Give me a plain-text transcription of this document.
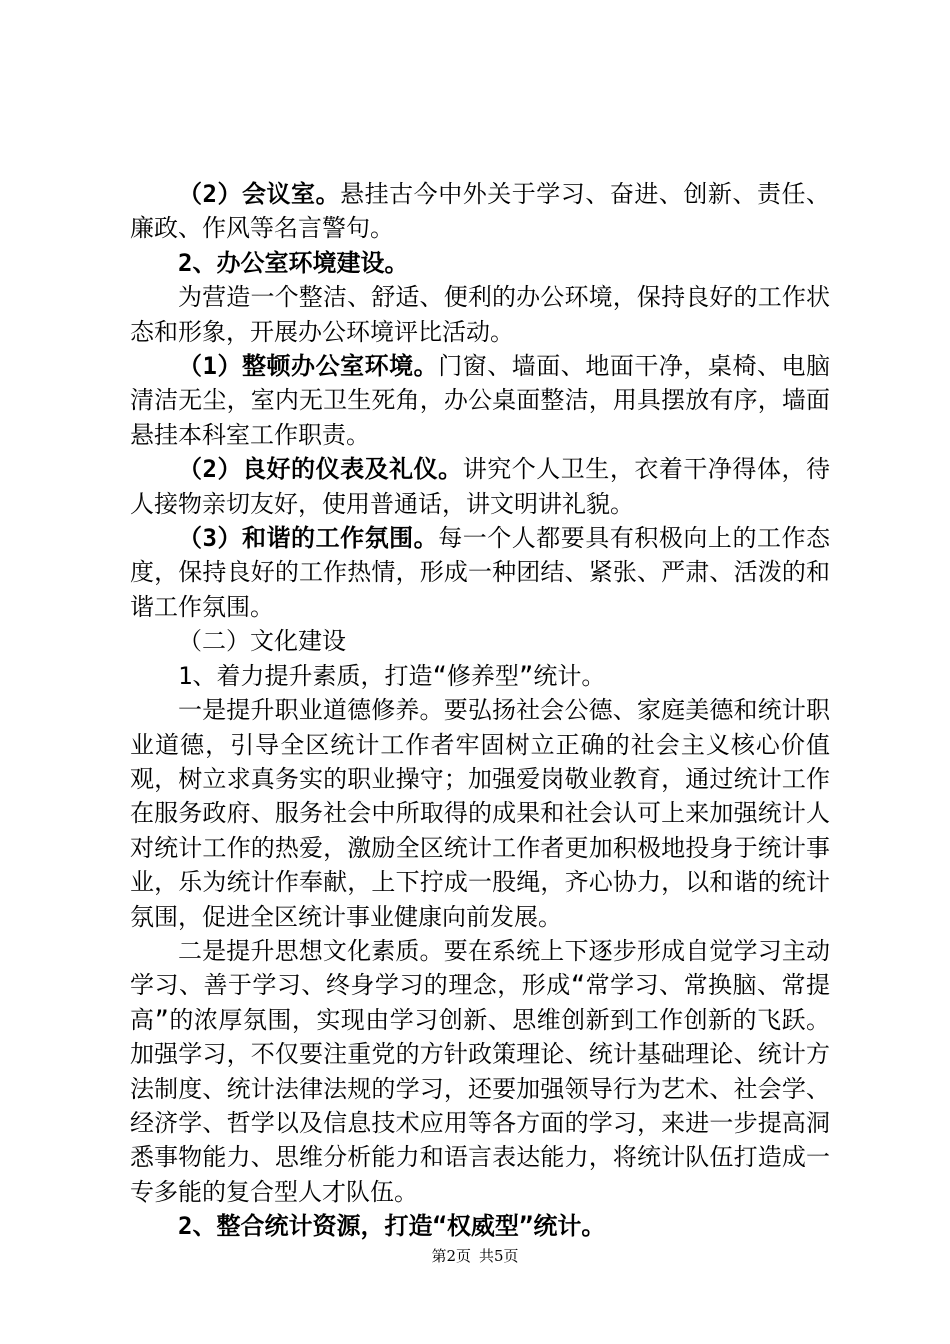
（2）会议室。悬挂古今中外关于学习、奋进、创新、责任、廉政、作风等名言警句。

2、办公室环境建设。

为营造一个整洁、舒适、便利的办公环境，保持良好的工作状态和形象，开展办公环境评比活动。

（1）整顿办公室环境。门窗、墙面、地面干净，桌椅、电脑清洁无尘，室内无卫生死角，办公桌面整洁，用具摆放有序，墙面悬挂本科室工作职责。

（2）良好的仪表及礼仪。讲究个人卫生，衣着干净得体，待人接物亲切友好，使用普通话，讲文明讲礼貌。

（3）和谐的工作氛围。每一个人都要具有积极向上的工作态度，保持良好的工作热情，形成一种团结、紧张、严肃、活泼的和谐工作氛围。

（二）文化建设

1、着力提升素质，打造“修养型”统计。

一是提升职业道德修养。要弘扬社会公德、家庭美德和统计职业道德，引导全区统计工作者牢固树立正确的社会主义核心价值观，树立求真务实的职业操守；加强爱岗敬业教育，通过统计工作在服务政府、服务社会中所取得的成果和社会认可上来加强统计人对统计工作的热爱，激励全区统计工作者更加积极地投身于统计事业，乐为统计作奉献，上下拧成一股绳，齐心协力，以和谐的统计氛围，促进全区统计事业健康向前发展。

二是提升思想文化素质。要在系统上下逐步形成自觉学习主动学习、善于学习、终身学习的理念，形成“常学习、常换脑、常提高”的浓厚氛围，实现由学习创新、思维创新到工作创新的飞跃。加强学习，不仅要注重党的方针政策理论、统计基础理论、统计方法制度、统计法律法规的学习，还要加强领导行为艺术、社会学、经济学、哲学以及信息技术应用等各方面的学习，来进一步提高洞悉事物能力、思维分析能力和语言表达能力，将统计队伍打造成一专多能的复合型人才队伍。

2、整合统计资源，打造“权威型”统计。

第2页 共5页
